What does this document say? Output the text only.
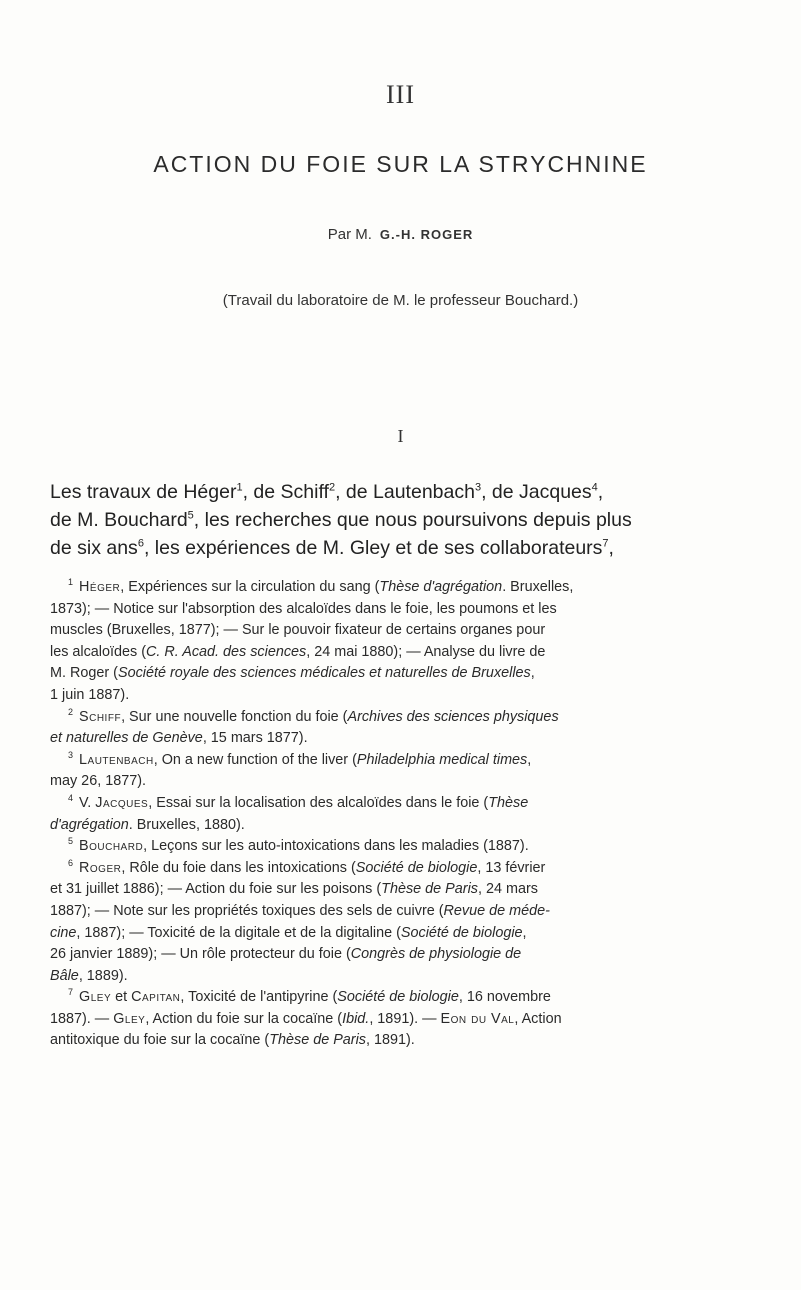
III
ACTION DU FOIE SUR LA STRYCHNINE
Par M. G.-H. ROGER
(Travail du laboratoire de M. le professeur Bouchard.)
I
Les travaux de Héger$^1$, de Schiff$^2$, de Lautenbach$^3$, de Jacques$^4$,
de M. Bouchard$^5$, les recherches que nous poursuivons depuis plus
de six ans$^6$, les expériences de M. Gley et de ses collaborateurs$^7$,
$^1$ Héger, Expériences sur la circulation du sang (Thèse d'agrégation. Bruxelles,
1873); — Notice sur l'absorption des alcaloïdes dans le foie, les poumons et les
muscles (Bruxelles, 1877); — Sur le pouvoir fixateur de certains organes pour
les alcaloïdes (C. R. Acad. des sciences, 24 mai 1880); — Analyse du livre de
M. Roger (Société royale des sciences médicales et naturelles de Bruxelles,
1 juin 1887).
$^2$ Schiff, Sur une nouvelle fonction du foie (Archives des sciences physiques
et naturelles de Genève, 15 mars 1877).
$^3$ Lautenbach, On a new function of the liver (Philadelphia medical times,
may 26, 1877).
$^4$ V. Jacques, Essai sur la localisation des alcaloïdes dans le foie (Thèse
d'agrégation. Bruxelles, 1880).
$^5$ Bouchard, Leçons sur les auto-intoxications dans les maladies (1887).
$^6$ Roger, Rôle du foie dans les intoxications (Société de biologie, 13 février
et 31 juillet 1886); — Action du foie sur les poisons (Thèse de Paris, 24 mars
1887); — Note sur les propriétés toxiques des sels de cuivre (Revue de méde-
cine, 1887); — Toxicité de la digitale et de la digitaline (Société de biologie,
26 janvier 1889); — Un rôle protecteur du foie (Congrès de physiologie de
Bâle, 1889).
$^7$ Gley et Capitan, Toxicité de l'antipyrine (Société de biologie, 16 novembre
1887). — Gley, Action du foie sur la cocaïne (Ibid., 1891). — Eon du Val, Action
antitoxique du foie sur la cocaïne (Thèse de Paris, 1891).
